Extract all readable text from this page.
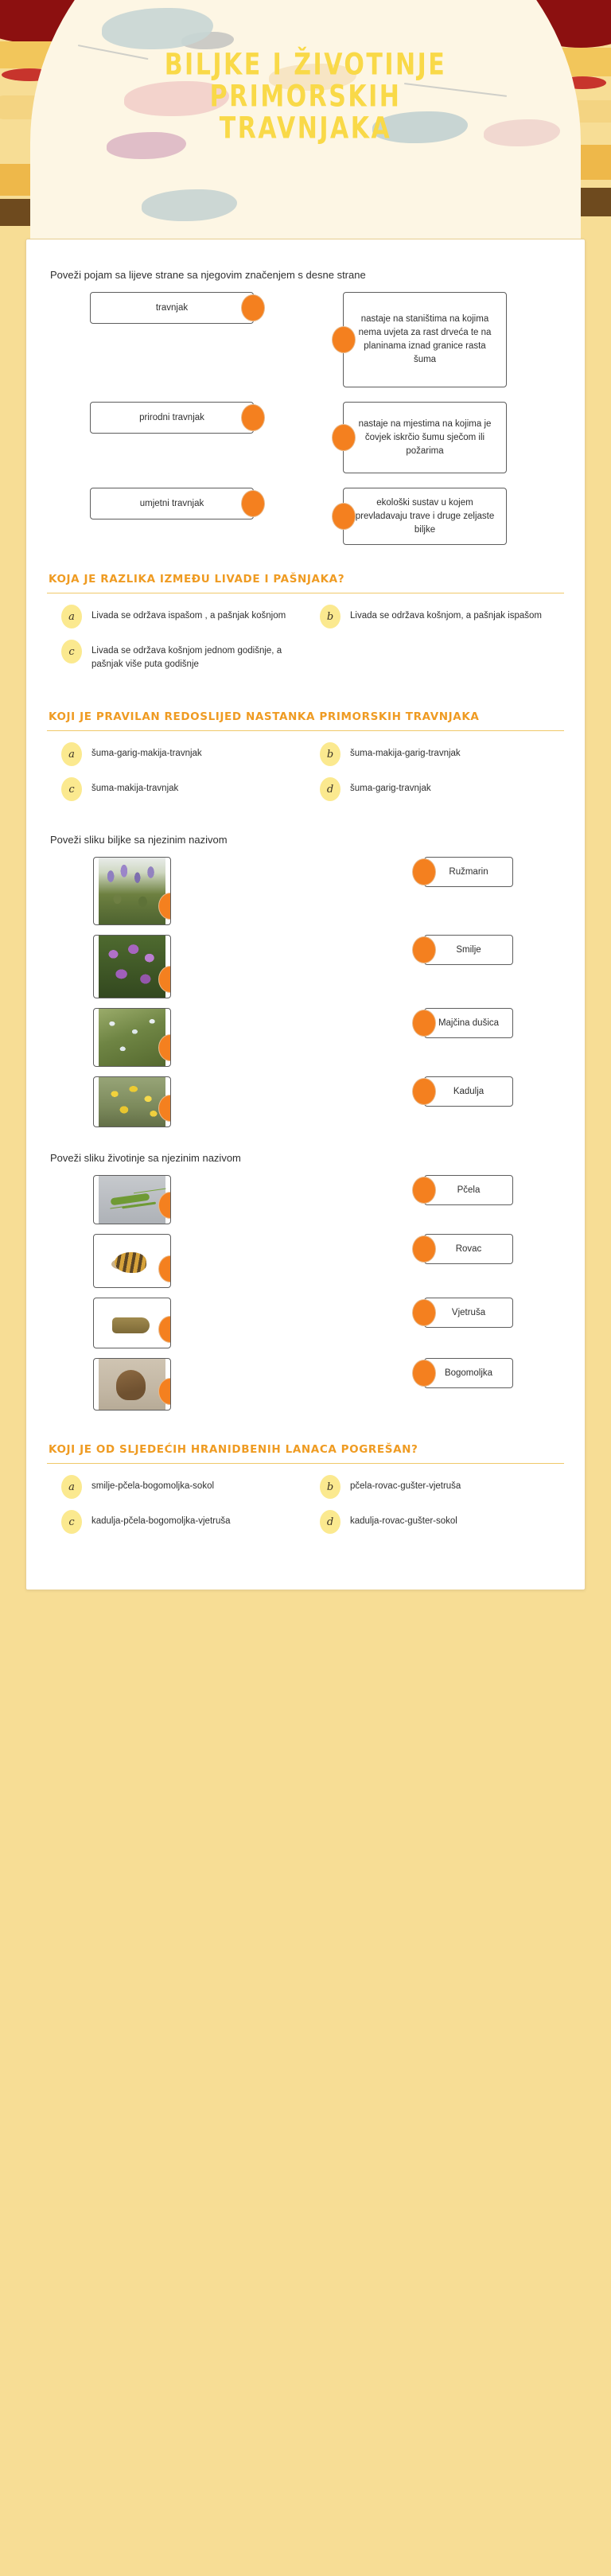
BILJKE I ŽIVOTINJE
PRIMORSKIH
TRAVNJAKA
Poveži pojam sa lijeve strane sa njegovim značenjem s desne strane
travnjak
nastaje na staništima na kojima nema uvjeta za rast drveća te na planinama iznad granice rasta šuma
prirodni travnjak
nastaje na mjestima na kojima je čovjek iskrčio šumu sječom ili požarima
umjetni travnjak	ekološki sustav u kojem prevladavaju trave i druge zeljaste biljke
KOJA JE RAZLIKA IZMEĐU LIVADE I PAŠNJAKA?
a	Livada se održava ispašom , a pašnjak košnjom	b	Livada se održava košnjom, a pašnjak ispašom
c	Livada se održava košnjom jednom godišnje, a pašnjak više puta godišnje
KOJI JE PRAVILAN REDOSLIJED NASTANKA PRIMORSKIH TRAVNJAKA
a	šuma-garig-makija-travnjak	b	šuma-makija-garig-travnjak
c	šuma-makija-travnjak	d	šuma-garig-travnjak
Poveži sliku biljke sa njezinim nazivom
Ružmarin
Smilje
Majčina dušica
Kadulja
Poveži sliku životinje sa njezinim nazivom
Pčela
Rovac
Vjetruša
Bogomoljka
KOJI JE OD SLJEDEĆIH HRANIDBENIH LANACA POGREŠAN?
a	smilje-pčela-bogomoljka-sokol	b	pčela-rovac-gušter-vjetruša
c	kadulja-pčela-bogomoljka-vjetruša	d	kadulja-rovac-gušter-sokol
